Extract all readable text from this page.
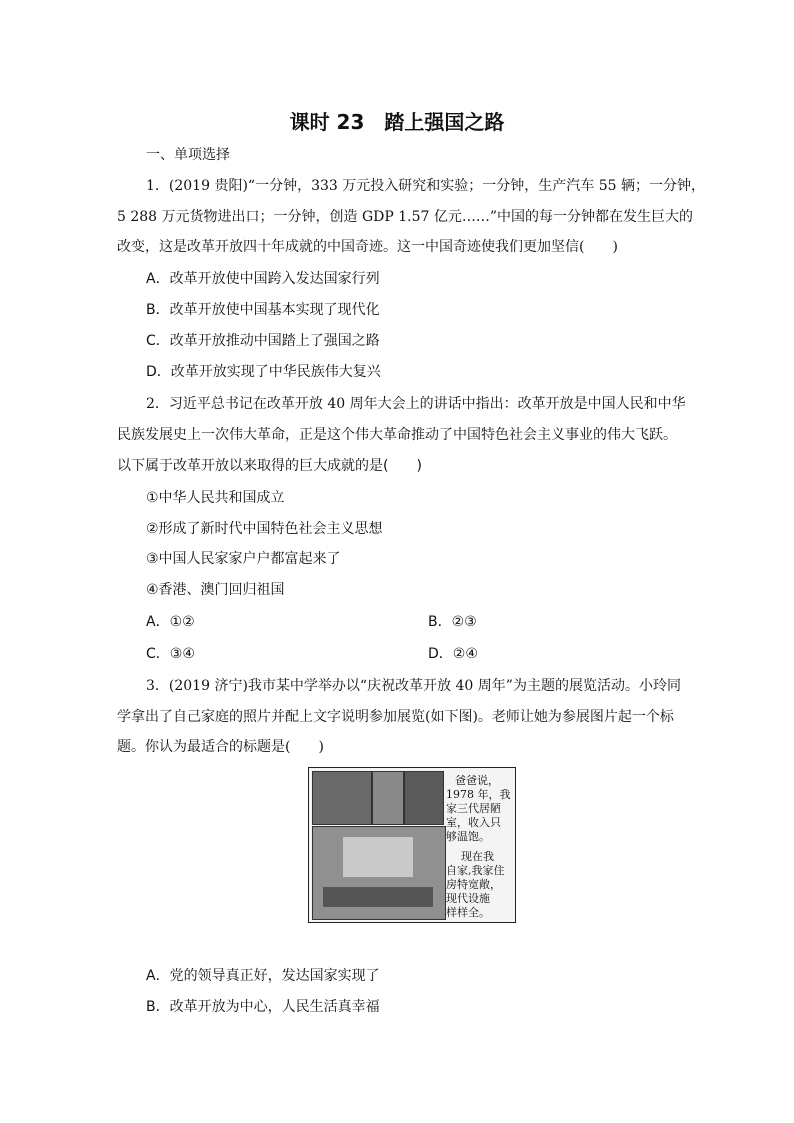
课时 23　踏上强国之路
一、单项选择
1．(2019 贵阳)“一分钟，333 万元投入研究和实验；一分钟，生产汽车 55 辆；一分钟，
5 288 万元货物进出口；一分钟，创造 GDP 1.57 亿元……”中国的每一分钟都在发生巨大的
改变，这是改革开放四十年成就的中国奇迹。这一中国奇迹使我们更加坚信(　　)
A．改革开放使中国跨入发达国家行列
B．改革开放使中国基本实现了现代化
C．改革开放推动中国踏上了强国之路
D．改革开放实现了中华民族伟大复兴
2．习近平总书记在改革开放 40 周年大会上的讲话中指出：改革开放是中国人民和中华
民族发展史上一次伟大革命，正是这个伟大革命推动了中国特色社会主义事业的伟大飞跃。
以下属于改革开放以来取得的巨大成就的是(　　)
①中华人民共和国成立
②形成了新时代中国特色社会主义思想
③中国人民家家户户都富起来了
④香港、澳门回归祖国
A．①②	B．②③
C．③④	D．②④
3．(2019 济宁)我市某中学举办以“庆祝改革开放 40 周年”为主题的展览活动。小玲同
学拿出了自己家庭的照片并配上文字说明参加展览(如下图)。老师让她为参展图片起一个标
题。你认为最适合的标题是(　　)
爸爸说，
1978 年，我
家三代居陋
室，收入只
够温饱。
现在我
自家,我家住
房特宽敞，
现代设施
样样全。
A．党的领导真正好，发达国家实现了
B．改革开放为中心，人民生活真幸福
